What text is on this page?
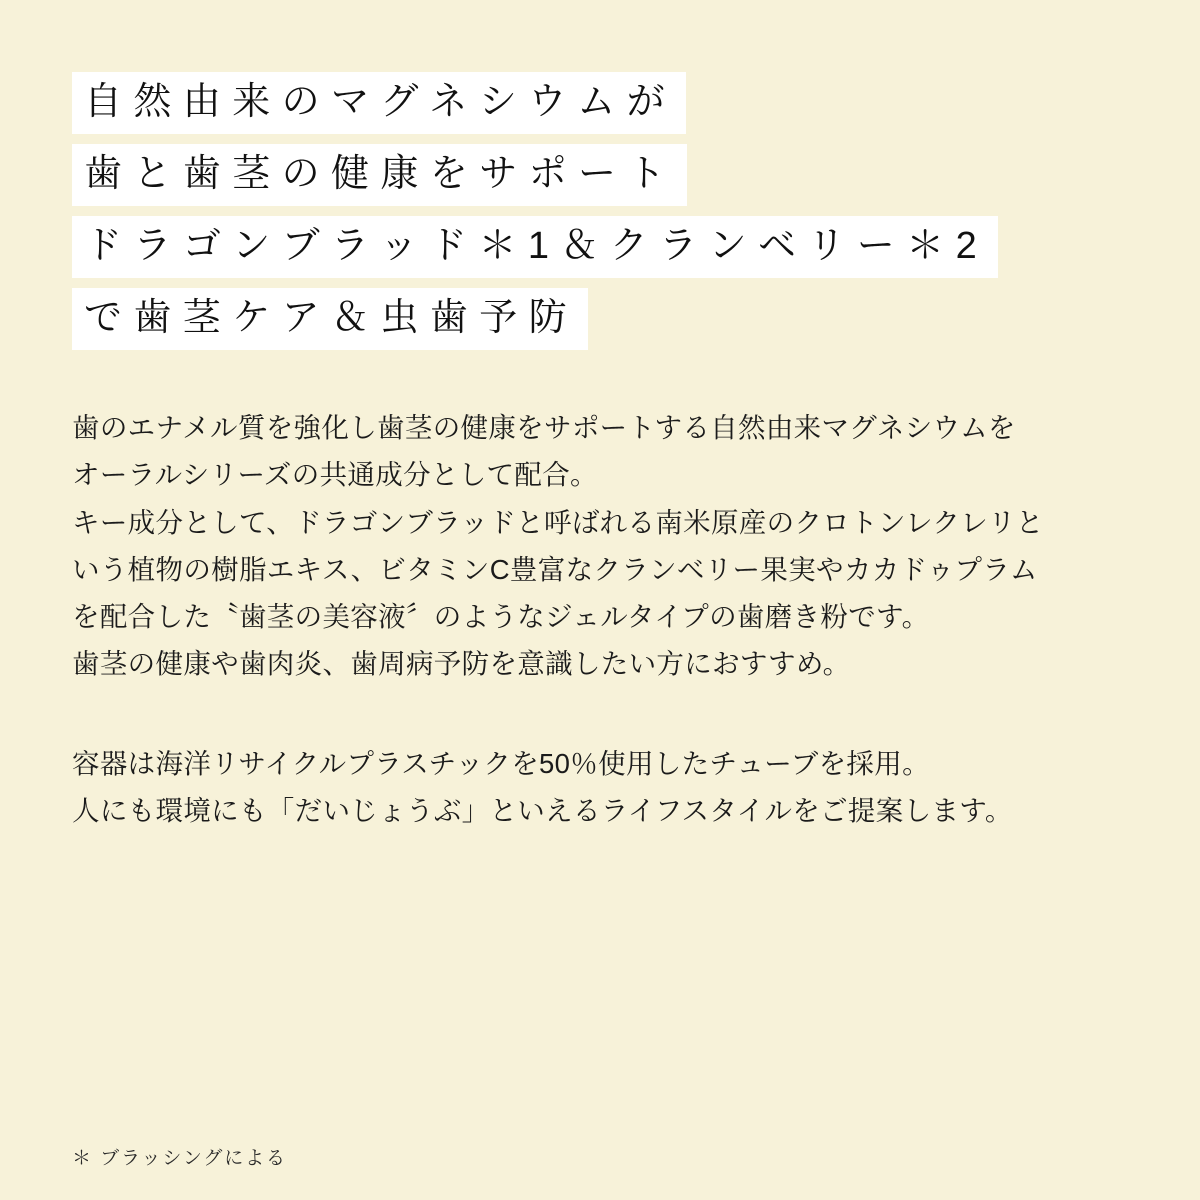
自然由来のマグネシウムが
歯と歯茎の健康をサポート
ドラゴンブラッド＊1＆クランベリー＊2
で歯茎ケア＆虫歯予防

歯のエナメル質を強化し歯茎の健康をサポートする自然由来マグネシウムを

オーラルシリーズの共通成分として配合。

キー成分として、ドラゴンブラッドと呼ばれる南米原産のクロトンレクレリと

いう植物の樹脂エキス、ビタミンC豊富なクランベリー果実やカカドゥプラム

を配合した〝歯茎の美容液〞のようなジェルタイプの歯磨き粉です。

歯茎の健康や歯肉炎、歯周病予防を意識したい方におすすめ。

容器は海洋リサイクルプラスチックを50％使用したチューブを採用。

人にも環境にも「だいじょうぶ」といえるライフスタイルをご提案します。

＊ ブラッシングによる
